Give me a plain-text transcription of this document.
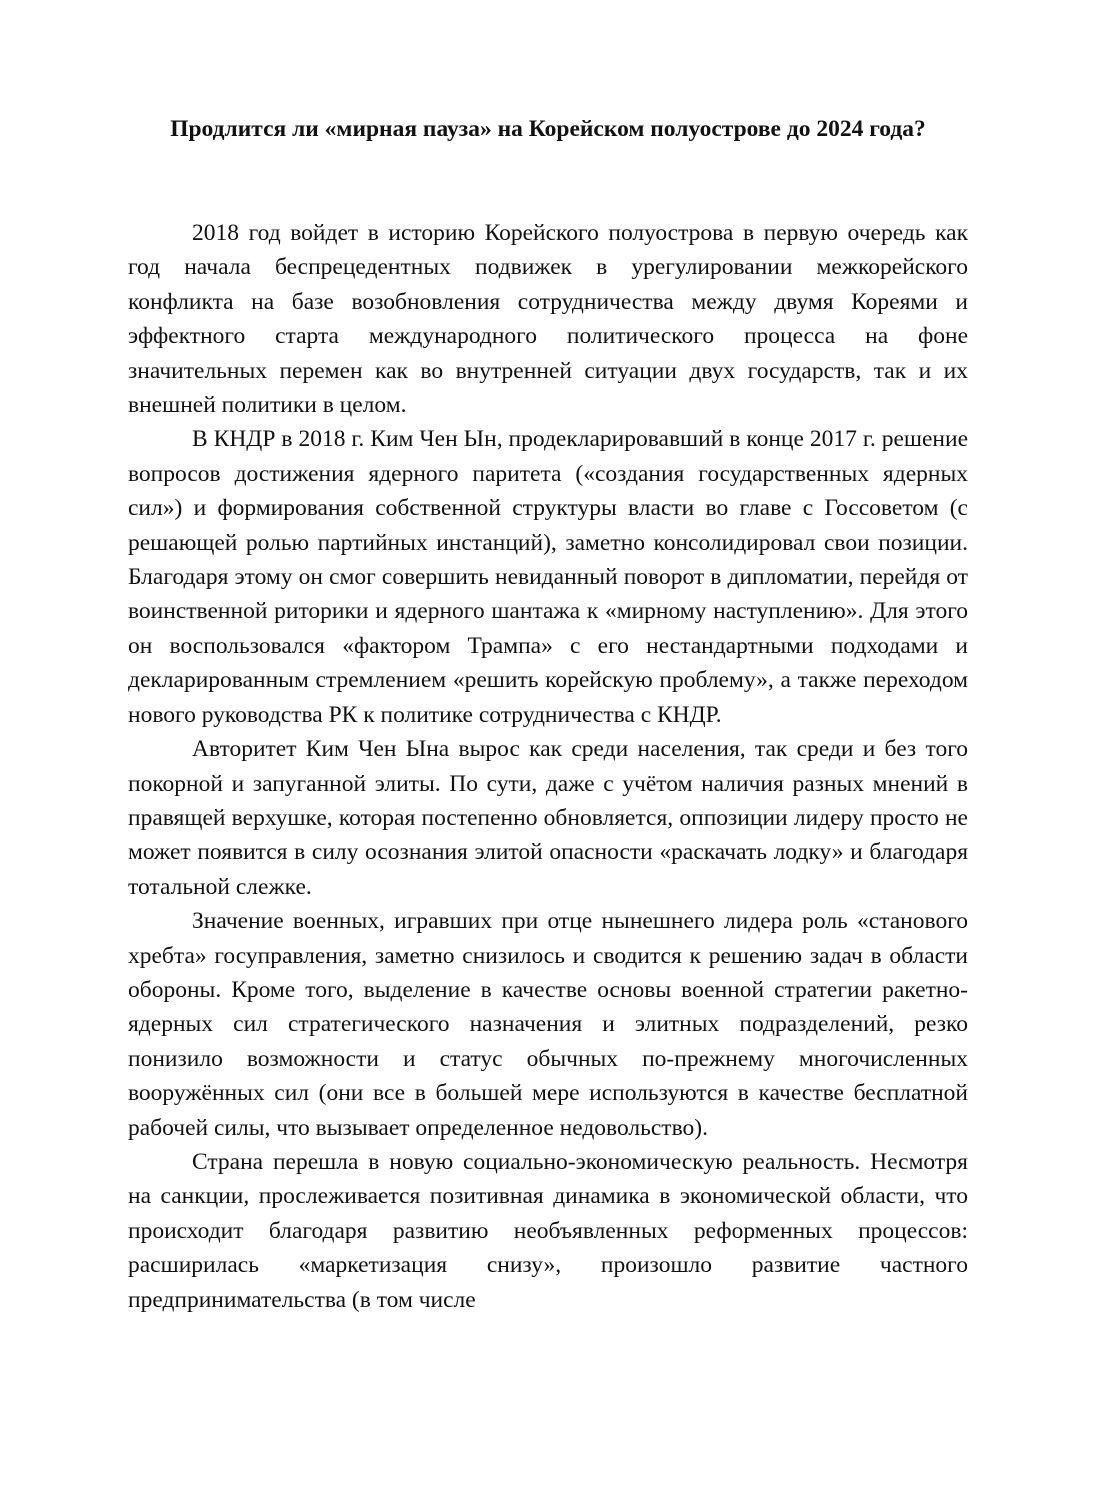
Продлится ли «мирная пауза» на Корейском полуострове до 2024 года?

2018 год войдет в историю Корейского полуострова в первую очередь как год начала беспрецедентных подвижек в урегулировании межкорейского конфликта на базе возобновления сотрудничества между двумя Кореями и эффектного старта международного политического процесса на фоне значительных перемен как во внутренней ситуации двух государств, так и их внешней политики в целом.

В КНДР в 2018 г. Ким Чен Ын, продекларировавший в конце 2017 г. решение вопросов достижения ядерного паритета («создания государственных ядерных сил») и формирования собственной структуры власти во главе с Госсоветом (с решающей ролью партийных инстанций), заметно консолидировал свои позиции. Благодаря этому он смог совершить невиданный поворот в дипломатии, перейдя от воинственной риторики и ядерного шантажа к «мирному наступлению». Для этого он воспользовался «фактором Трампа» с его нестандартными подходами и декларированным стремлением «решить корейскую проблему», а также переходом нового руководства РК к политике сотрудничества с КНДР.

Авторитет Ким Чен Ына вырос как среди населения, так среди и без того покорной и запуганной элиты. По сути, даже с учётом наличия разных мнений в правящей верхушке, которая постепенно обновляется, оппозиции лидеру просто не может появится в силу осознания элитой опасности «раскачать лодку» и благодаря тотальной слежке.

Значение военных, игравших при отце нынешнего лидера роль «станового хребта» госуправления, заметно снизилось и сводится к решению задач в области обороны. Кроме того, выделение в качестве основы военной стратегии ракетно-ядерных сил стратегического назначения и элитных подразделений, резко понизило возможности и статус обычных по-прежнему многочисленных вооружённых сил (они все в большей мере используются в качестве бесплатной рабочей силы, что вызывает определенное недовольство).

Страна перешла в новую социально-экономическую реальность. Несмотря на санкции, прослеживается позитивная динамика в экономической области, что происходит благодаря развитию необъявленных реформенных процессов: расширилась «маркетизация снизу», произошло развитие частного предпринимательства (в том числе
